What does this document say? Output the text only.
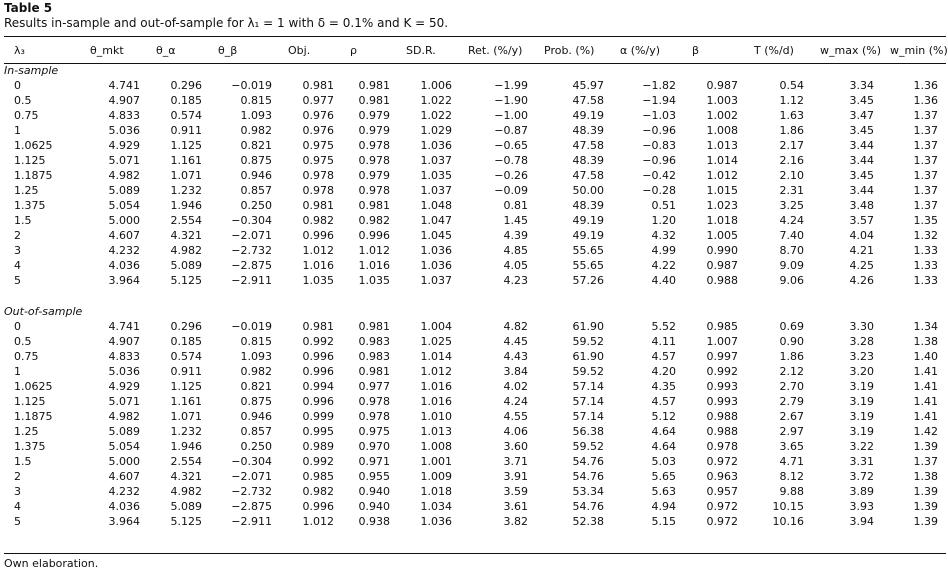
Table 5
Results in-sample and out-of-sample for λ₁ = 1 with δ = 0.1% and K = 50.
λ₃	θ_mkt	θ_α	θ_β	Obj.	ρ	SD.R.	Ret. (%/y)	Prob. (%)	α (%/y)	β	T (%/d)	w_max (%)	w_min (%)
In-sample													
0	4.741	0.296	−0.019	0.981	0.981	1.006	−1.99	45.97	−1.82	0.987	0.54	3.34	1.36
0.5	4.907	0.185	0.815	0.977	0.981	1.022	−1.90	47.58	−1.94	1.003	1.12	3.45	1.36
0.75	4.833	0.574	1.093	0.976	0.979	1.022	−1.00	49.19	−1.03	1.002	1.63	3.47	1.37
1	5.036	0.911	0.982	0.976	0.979	1.029	−0.87	48.39	−0.96	1.008	1.86	3.45	1.37
1.0625	4.929	1.125	0.821	0.975	0.978	1.036	−0.65	47.58	−0.83	1.013	2.17	3.44	1.37
1.125	5.071	1.161	0.875	0.975	0.978	1.037	−0.78	48.39	−0.96	1.014	2.16	3.44	1.37
1.1875	4.982	1.071	0.946	0.978	0.979	1.035	−0.26	47.58	−0.42	1.012	2.10	3.45	1.37
1.25	5.089	1.232	0.857	0.978	0.978	1.037	−0.09	50.00	−0.28	1.015	2.31	3.44	1.37
1.375	5.054	1.946	0.250	0.981	0.981	1.048	0.81	48.39	0.51	1.023	3.25	3.48	1.37
1.5	5.000	2.554	−0.304	0.982	0.982	1.047	1.45	49.19	1.20	1.018	4.24	3.57	1.35
2	4.607	4.321	−2.071	0.996	0.996	1.045	4.39	49.19	4.32	1.005	7.40	4.04	1.32
3	4.232	4.982	−2.732	1.012	1.012	1.036	4.85	55.65	4.99	0.990	8.70	4.21	1.33
4	4.036	5.089	−2.875	1.016	1.016	1.036	4.05	55.65	4.22	0.987	9.09	4.25	1.33
5	3.964	5.125	−2.911	1.035	1.035	1.037	4.23	57.26	4.40	0.988	9.06	4.26	1.33

Out-of-sample													
0	4.741	0.296	−0.019	0.981	0.981	1.004	4.82	61.90	5.52	0.985	0.69	3.30	1.34
0.5	4.907	0.185	0.815	0.992	0.983	1.025	4.45	59.52	4.11	1.007	0.90	3.28	1.38
0.75	4.833	0.574	1.093	0.996	0.983	1.014	4.43	61.90	4.57	0.997	1.86	3.23	1.40
1	5.036	0.911	0.982	0.996	0.981	1.012	3.84	59.52	4.20	0.992	2.12	3.20	1.41
1.0625	4.929	1.125	0.821	0.994	0.977	1.016	4.02	57.14	4.35	0.993	2.70	3.19	1.41
1.125	5.071	1.161	0.875	0.996	0.978	1.016	4.24	57.14	4.57	0.993	2.79	3.19	1.41
1.1875	4.982	1.071	0.946	0.999	0.978	1.010	4.55	57.14	5.12	0.988	2.67	3.19	1.41
1.25	5.089	1.232	0.857	0.995	0.975	1.013	4.06	56.38	4.64	0.988	2.97	3.19	1.42
1.375	5.054	1.946	0.250	0.989	0.970	1.008	3.60	59.52	4.64	0.978	3.65	3.22	1.39
1.5	5.000	2.554	−0.304	0.992	0.971	1.001	3.71	54.76	5.03	0.972	4.71	3.31	1.37
2	4.607	4.321	−2.071	0.985	0.955	1.009	3.91	54.76	5.65	0.963	8.12	3.72	1.38
3	4.232	4.982	−2.732	0.982	0.940	1.018	3.59	53.34	5.63	0.957	9.88	3.89	1.39
4	4.036	5.089	−2.875	0.996	0.940	1.034	3.61	54.76	4.94	0.972	10.15	3.93	1.39
5	3.964	5.125	−2.911	1.012	0.938	1.036	3.82	52.38	5.15	0.972	10.16	3.94	1.39
Own elaboration.
